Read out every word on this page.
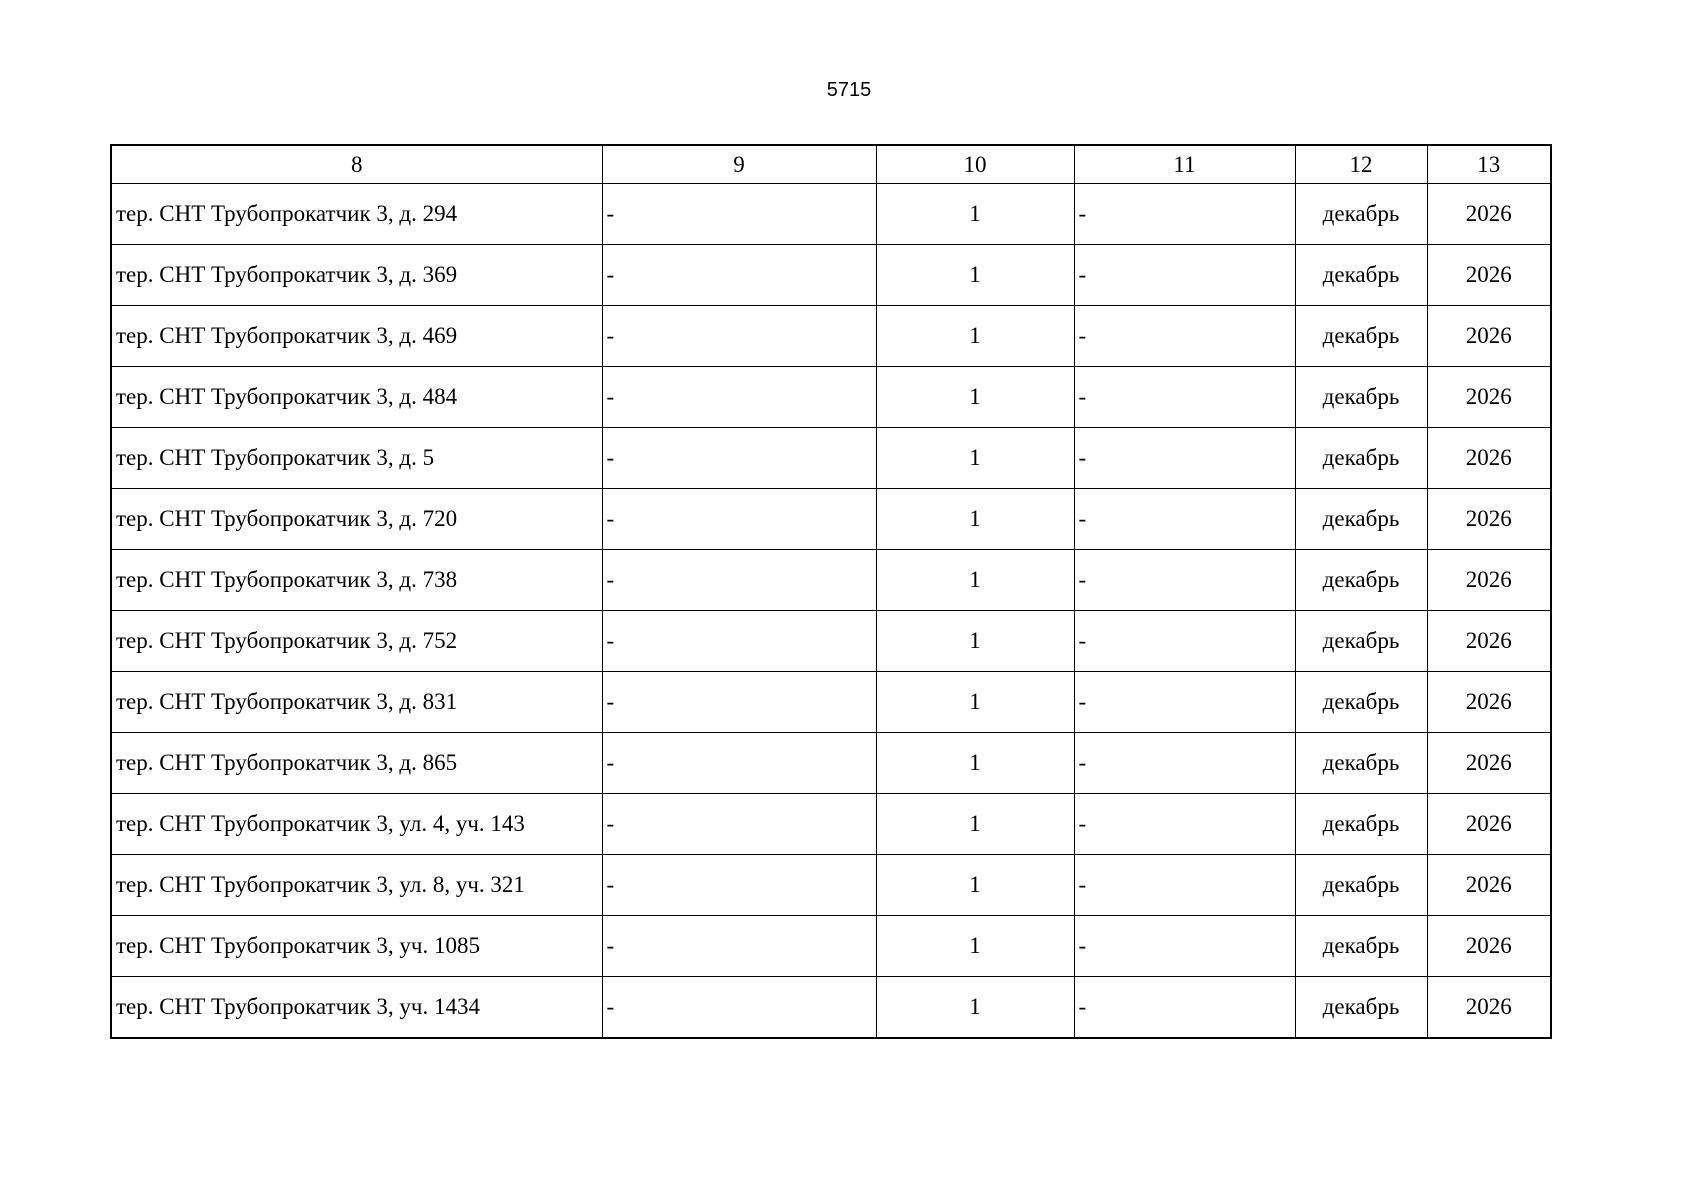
5715
8	9	10	11	12	13
тер. СНТ Трубопрокатчик 3, д. 294	-	1	-	декабрь	2026
тер. СНТ Трубопрокатчик 3, д. 369	-	1	-	декабрь	2026
тер. СНТ Трубопрокатчик 3, д. 469	-	1	-	декабрь	2026
тер. СНТ Трубопрокатчик 3, д. 484	-	1	-	декабрь	2026
тер. СНТ Трубопрокатчик 3, д. 5	-	1	-	декабрь	2026
тер. СНТ Трубопрокатчик 3, д. 720	-	1	-	декабрь	2026
тер. СНТ Трубопрокатчик 3, д. 738	-	1	-	декабрь	2026
тер. СНТ Трубопрокатчик 3, д. 752	-	1	-	декабрь	2026
тер. СНТ Трубопрокатчик 3, д. 831	-	1	-	декабрь	2026
тер. СНТ Трубопрокатчик 3, д. 865	-	1	-	декабрь	2026
тер. СНТ Трубопрокатчик 3, ул. 4, уч. 143	-	1	-	декабрь	2026
тер. СНТ Трубопрокатчик 3, ул. 8, уч. 321	-	1	-	декабрь	2026
тер. СНТ Трубопрокатчик 3, уч. 1085	-	1	-	декабрь	2026
тер. СНТ Трубопрокатчик 3, уч. 1434	-	1	-	декабрь	2026
